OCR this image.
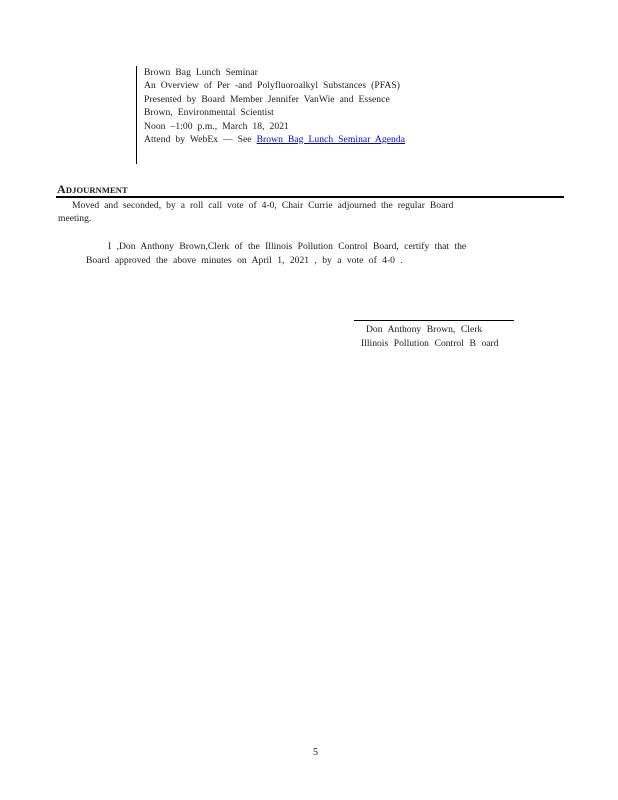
Brown Bag Lunch Seminar
An Overview of Per -and Polyfluoroalkyl Substances (PFAS)
Presented by Board Member Jennifer VanWie and Essence
Brown, Environmental Scientist
Noon –1:00 p.m., March 18, 2021
Attend by WebEx — See Brown Bag Lunch Seminar Agenda
ADJOURNMENT
Moved and seconded, by a roll call vote of 4-0, Chair Currie adjourned the regular Board
meeting.
I ,Don Anthony Brown,Clerk of the Illinois Pollution Control Board, certify that the
Board approved the above minutes on April 1, 2021 , by a vote of 4-0 .
Don Anthony Brown, Clerk
Illinois Pollution Control B oard
5
